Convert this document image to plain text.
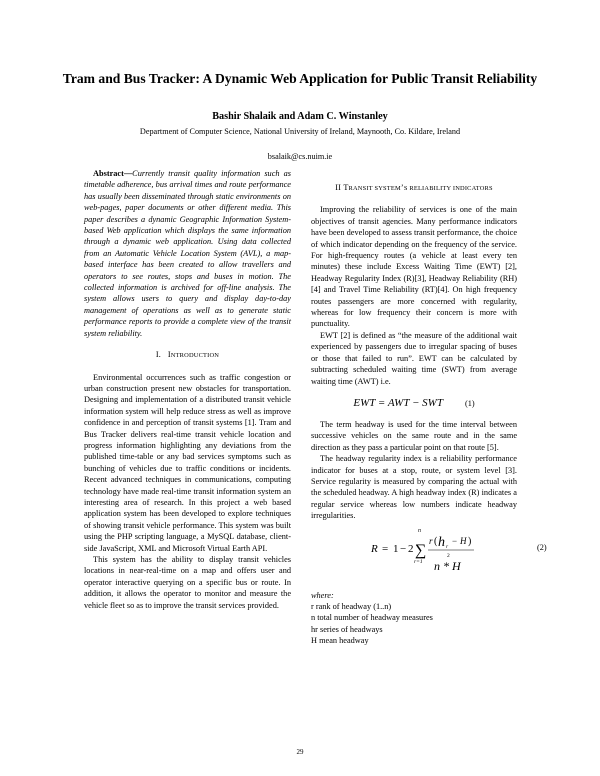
Tram and Bus Tracker: A Dynamic Web Application for Public Transit Reliability
Bashir Shalaik and Adam C. Winstanley
Department of Computer Science, National University of Ireland, Maynooth, Co. Kildare, Ireland
bsalaik@cs.nuim.ie

Abstract—Currently transit quality information such as timetable adherence, bus arrival times and route performance has usually been disseminated through static environments on web-pages, paper documents or other different media. This paper describes a dynamic Geographic Information System-based Web application which displays the same information through a dynamic web application. Using data collected from an Automatic Vehicle Location System (AVL), a map-based interface has been created to allow travellers and operators to see routes, stops and buses in motion. The collected information is archived for off-line analysis. The system allows users to query and display day-to-day management of operations as well as to generate static performance reports to provide a complete view of the transit system reliability.

I. INTRODUCTION

Environmental occurrences such as traffic congestion or urban construction present new obstacles for transportation. Designing and implementation of a distributed transit vehicle information system will help reduce stress as well as improve confidence in and perception of transit systems [1]. Tram and Bus Tracker delivers real-time transit vehicle location and progress information highlighting any deviations from the published time-table or any bad services symptoms such as bunching of vehicles due to traffic conditions or incidents. Recent advanced techniques in communications, computing technology have made real-time transit information system an interesting area of research. In this project a web based application system has been developed to explore techniques of showing transit vehicle performance. This system was built using the PHP scripting language, a MySQL database, client-side JavaScript, XML and Microsoft Virtual Earth API.

This system has the ability to display transit vehicles locations in near-real-time on a map and offers user and operator interactive querying on a specific bus or route. In addition, it allows the operator to monitor and measure the vehicle fleet so as to improve the transit services provided.

II TRANSIT SYSTEM’S RELIABILITY INDICATORS

Improving the reliability of services is one of the main objectives of transit agencies. Many performance indicators have been developed to assess transit performance, the choice of which indicator depending on the frequency of the service. For high-frequency routes (a vehicle at least every ten minutes) these include Excess Waiting Time (EWT) [2], Headway Regularity Index (R)[3], Headway Reliability (RH)[4] and Travel Time Reliability (RT)[4]. On high frequency routes passengers are more concerned with regularity, whereas for low frequency their concern is more with punctuality.

EWT [2] is defined as “the measure of the additional wait experienced by passengers due to irregular spacing of buses or those that failed to run”. EWT can be calculated by subtracting scheduled waiting time (SWT) from average waiting time (AWT) i.e.

EWT = AWT − SWT	(1)

The term headway is used for the time interval between successive vehicles on the same route and in the same direction as they pass a particular point on that route [5].

The headway regularity index is a reliability performance indicator for buses at a stop, route, or system level [3]. Service regularity is measured by comparing the actual with the scheduled headway. A high headway index (R) indicates a regular service whereas low numbers indicate headway irregularities.

R = 1 − 2
n
∑
r=1
r ( h r
− H )
2
n * H
(2)

where:

r rank of headway (1..n)

n total number of headway measures

hr series of headways

H mean headway

29
